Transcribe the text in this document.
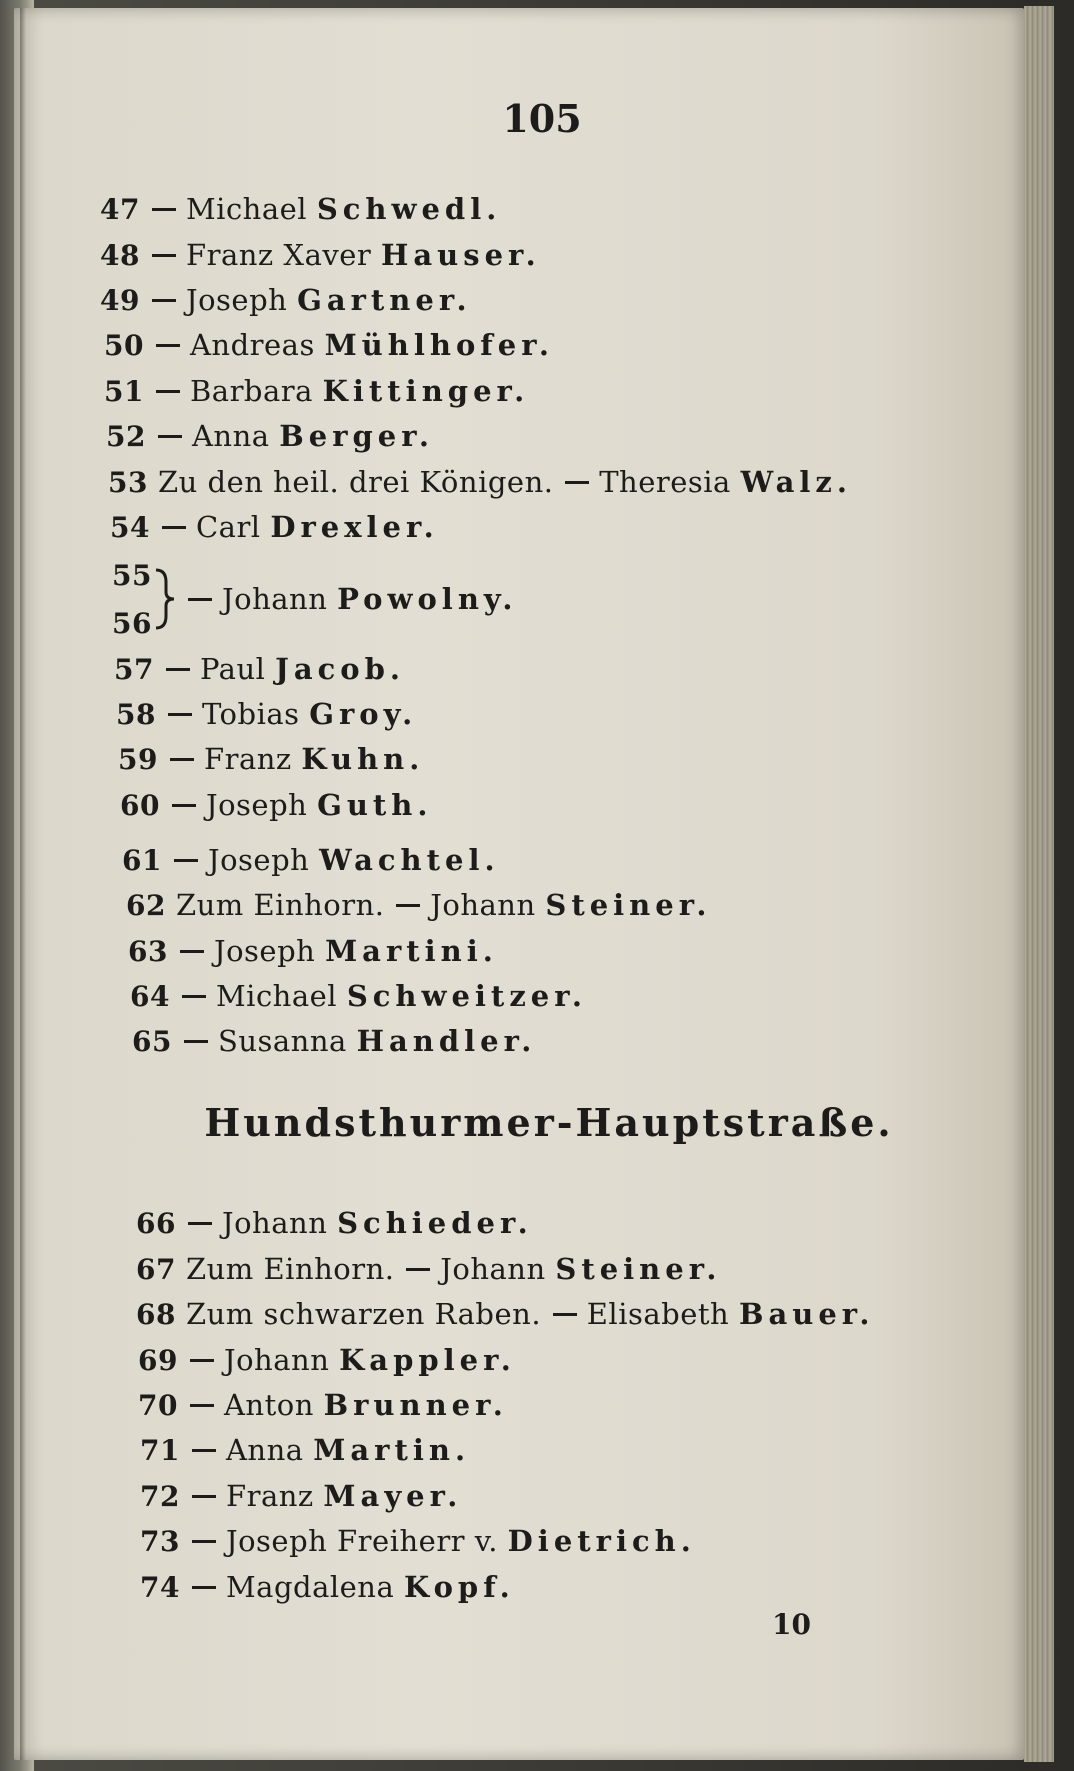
105
47 Michael Schwedl.
48 Franz Xaver Hauser.
49 Joseph Gartner.
50 Andreas Mühlhofer.
51 Barbara Kittinger.
52 Anna Berger.
53 Zu den heil. drei Königen. Theresia Walz.
54 Carl Drexler.
55
56
Johann Powolny.
57 Paul Jacob.
58 Tobias Groy.
59 Franz Kuhn.
60 Joseph Guth.
61 Joseph Wachtel.
62 Zum Einhorn. Johann Steiner.
63 Joseph Martini.
64 Michael Schweitzer.
65 Susanna Handler.
Hundsthurmer-Hauptstraße.
66 Johann Schieder.
67 Zum Einhorn. Johann Steiner.
68 Zum schwarzen Raben. Elisabeth Bauer.
69 Johann Kappler.
70 Anton Brunner.
71 Anna Martin.
72 Franz Mayer.
73 Joseph Freiherr v. Dietrich.
74 Magdalena Kopf.
10
